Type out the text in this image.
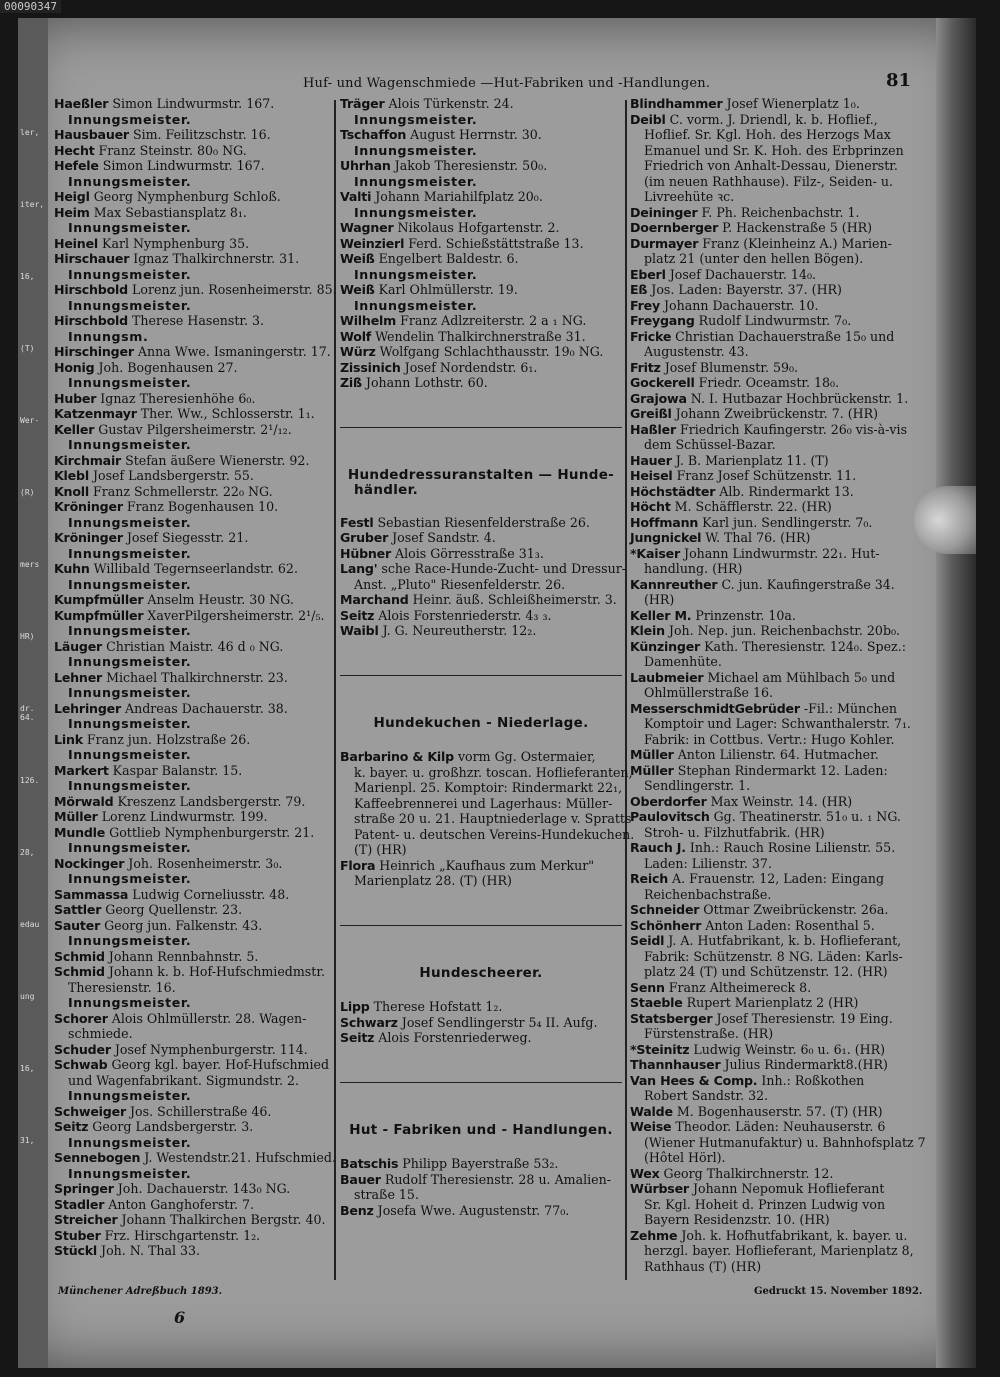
ler,
iter,
16,
(T)
Wer-
(R)
mers
HR)
dr. 64.
126.
28,
edau
ung
16,
31,
Huf- und Wagenschmiede —Hut-Fabriken und -Handlungen.	81
Haeßler Simon Lindwurmstr. 167.
Innungsmeister.
Hausbauer Sim. Feilitzschstr. 16.
Hecht Franz Steinstr. 80₀ NG.
Hefele Simon Lindwurmstr. 167.
Innungsmeister.
Heigl Georg Nymphenburg Schloß.
Heim Max Sebastiansplatz 8₁.
Innungsmeister.
Heinel Karl Nymphenburg 35.
Hirschauer Ignaz Thalkirchnerstr. 31.
Innungsmeister.
Hirschbold Lorenz jun. Rosenheimerstr. 85.
Innungsmeister.
Hirschbold Therese Hasenstr. 3.
Innungsm.
Hirschinger Anna Wwe. Ismaningerstr. 17.
Honig Joh. Bogenhausen 27.
Innungsmeister.
Huber Ignaz Theresienhöhe 6₀.
Katzenmayr Ther. Ww., Schlosserstr. 1₁.
Keller Gustav Pilgersheimerstr. 2¹/₁₂.
Innungsmeister.
Kirchmair Stefan äußere Wienerstr. 92.
Klebl Josef Landsbergerstr. 55.
Knoll Franz Schmellerstr. 22₀ NG.
Kröninger Franz Bogenhausen 10.
Innungsmeister.
Kröninger Josef Siegesstr. 21.
Innungsmeister.
Kuhn Willibald Tegernseerlandstr. 62.
Innungsmeister.
Kumpfmüller Anselm Heustr. 30 NG.
Kumpfmüller XaverPilgersheimerstr. 2¹/₅.
Innungsmeister.
Läuger Christian Maistr. 46 d ₀ NG.
Innungsmeister.
Lehner Michael Thalkirchnerstr. 23.
Innungsmeister.
Lehringer Andreas Dachauerstr. 38.
Innungsmeister.
Link Franz jun. Holzstraße 26.
Innungsmeister.
Markert Kaspar Balanstr. 15.
Innungsmeister.
Mörwald Kreszenz Landsbergerstr. 79.
Müller Lorenz Lindwurmstr. 199.
Mundle Gottlieb Nymphenburgerstr. 21.
Innungsmeister.
Nockinger Joh. Rosenheimerstr. 3₀.
Innungsmeister.
Sammassa Ludwig Corneliusstr. 48.
Sattler Georg Quellenstr. 23.
Sauter Georg jun. Falkenstr. 43.
Innungsmeister.
Schmid Johann Rennbahnstr. 5.
Schmid Johann k. b. Hof-Hufschmiedmstr.
Theresienstr. 16.
Innungsmeister.
Schorer Alois Ohlmüllerstr. 28. Wagen-
schmiede.
Schuder Josef Nymphenburgerstr. 114.
Schwab Georg kgl. bayer. Hof-Hufschmied
und Wagenfabrikant. Sigmundstr. 2.
Innungsmeister.
Schweiger Jos. Schillerstraße 46.
Seitz Georg Landsbergerstr. 3.
Innungsmeister.
Sennebogen J. Westendstr.21. Hufschmied.
Innungsmeister.
Springer Joh. Dachauerstr. 143₀ NG.
Stadler Anton Ganghoferstr. 7.
Streicher Johann Thalkirchen Bergstr. 40.
Stuber Frz. Hirschgartenstr. 1₂.
Stückl Joh. N. Thal 33.
Träger Alois Türkenstr. 24.
Innungsmeister.
Tschaffon August Herrnstr. 30.
Innungsmeister.
Uhrhan Jakob Theresienstr. 50₀.
Innungsmeister.
Valti Johann Mariahilfplatz 20₀.
Innungsmeister.
Wagner Nikolaus Hofgartenstr. 2.
Weinzierl Ferd. Schießstättstraße 13.
Weiß Engelbert Baldestr. 6.
Innungsmeister.
Weiß Karl Ohlmüllerstr. 19.
Innungsmeister.
Wilhelm Franz Adlzreiterstr. 2 a ₁ NG.
Wolf Wendelin Thalkirchnerstraße 31.
Würz Wolfgang Schlachthausstr. 19₀ NG.
Zissinich Josef Nordendstr. 6₁.
Ziß Johann Lothstr. 60.
Hundedressuranstalten — Hunde-
händler.
Festl Sebastian Riesenfelderstraße 26.
Gruber Josef Sandstr. 4.
Hübner Alois Görresstraße 31₃.
Lang' sche Race-Hunde-Zucht- und Dressur-
Anst. „Pluto" Riesenfelderstr. 26.
Marchand Heinr. äuß. Schleißheimerstr. 3.
Seitz Alois Forstenriederstr. 4₃ ₃.
Waibl J. G. Neureutherstr. 12₂.
Hundekuchen - Niederlage.
Barbarino & Kilp vorm Gg. Ostermaier,
k. bayer. u. großhzr. toscan. Hoflieferanten,
Marienpl. 25. Komptoir: Rindermarkt 22₁,
Kaffeebrennerei und Lagerhaus: Müller-
straße 20 u. 21. Hauptniederlage v. Spratts
Patent- u. deutschen Vereins-Hundekuchen.
(T) (HR)
Flora Heinrich „Kaufhaus zum Merkur"
Marienplatz 28. (T) (HR)
Hundescheerer.
Lipp Therese Hofstatt 1₂.
Schwarz Josef Sendlingerstr 5₄ II. Aufg.
Seitz Alois Forstenriederweg.
Hut - Fabriken und - Handlungen.
Batschis Philipp Bayerstraße 53₂.
Bauer Rudolf Theresienstr. 28 u. Amalien-
straße 15.
Benz Josefa Wwe. Augustenstr. 77₀.
Blindhammer Josef Wienerplatz 1₀.
Deibl C. vorm. J. Driendl, k. b. Hoflief.,
Hoflief. Sr. Kgl. Hoh. des Herzogs Max
Emanuel und Sr. K. Hoh. des Erbprinzen
Friedrich von Anhalt-Dessau, Dienerstr.
(im neuen Rathhause). Filz-, Seiden- u.
Livreehüte ꝛc.
Deininger F. Ph. Reichenbachstr. 1.
Doernberger P. Hackenstraße 5 (HR)
Durmayer Franz (Kleinheinz A.) Marien-
platz 21 (unter den hellen Bögen).
Eberl Josef Dachauerstr. 14₀.
Eß Jos. Laden: Bayerstr. 37. (HR)
Frey Johann Dachauerstr. 10.
Freygang Rudolf Lindwurmstr. 7₀.
Fricke Christian Dachauerstraße 15₀ und
Augustenstr. 43.
Fritz Josef Blumenstr. 59₀.
Gockerell Friedr. Oceamstr. 18₀.
Grajowa N. I. Hutbazar Hochbrückenstr. 1.
Greißl Johann Zweibrückenstr. 7. (HR)
Haßler Friedrich Kaufingerstr. 26₀ vis-à-vis
dem Schüssel-Bazar.
Hauer J. B. Marienplatz 11. (T)
Heisel Franz Josef Schützenstr. 11.
Höchstädter Alb. Rindermarkt 13.
Höcht M. Schäfflerstr. 22. (HR)
Hoffmann Karl jun. Sendlingerstr. 7₀.
Jungnickel W. Thal 76. (HR)
*Kaiser Johann Lindwurmstr. 22₁. Hut-
handlung. (HR)
Kannreuther C. jun. Kaufingerstraße 34.
(HR)
Keller M. Prinzenstr. 10a.
Klein Joh. Nep. jun. Reichenbachstr. 20b₀.
Künzinger Kath. Theresienstr. 124₀. Spez.:
Damenhüte.
Laubmeier Michael am Mühlbach 5₀ und
Ohlmüllerstraße 16.
MesserschmidtGebrüder -Fil.: München
Komptoir und Lager: Schwanthalerstr. 7₁.
Fabrik: in Cottbus. Vertr.: Hugo Kohler.
Müller Anton Lilienstr. 64. Hutmacher.
Müller Stephan Rindermarkt 12. Laden:
Sendlingerstr. 1.
Oberdorfer Max Weinstr. 14. (HR)
Paulovitsch Gg. Theatinerstr. 51₀ u. ₁ NG.
Stroh- u. Filzhutfabrik. (HR)
Rauch J. Inh.: Rauch Rosine Lilienstr. 55.
Laden: Lilienstr. 37.
Reich A. Frauenstr. 12, Laden: Eingang
Reichenbachstraße.
Schneider Ottmar Zweibrückenstr. 26a.
Schönherr Anton Laden: Rosenthal 5.
Seidl J. A. Hutfabrikant, k. b. Hoflieferant,
Fabrik: Schützenstr. 8 NG. Läden: Karls-
platz 24 (T) und Schützenstr. 12. (HR)
Senn Franz Altheimereck 8.
Staeble Rupert Marienplatz 2 (HR)
Statsberger Josef Theresienstr. 19 Eing.
Fürstenstraße. (HR)
*Steinitz Ludwig Weinstr. 6₀ u. 6₁. (HR)
Thannhauser Julius Rindermarkt8.(HR)
Van Hees & Comp. Inh.: Roßkothen
Robert Sandstr. 32.
Walde M. Bogenhauserstr. 57. (T) (HR)
Weise Theodor. Läden: Neuhauserstr. 6
(Wiener Hutmanufaktur) u. Bahnhofsplatz 7
(Hôtel Hörl).
Wex Georg Thalkirchnerstr. 12.
Würbser Johann Nepomuk Hoflieferant
Sr. Kgl. Hoheit d. Prinzen Ludwig von
Bayern Residenzstr. 10. (HR)
Zehme Joh. k. Hofhutfabrikant, k. bayer. u.
herzgl. bayer. Hoflieferant, Marienplatz 8,
Rathhaus (T) (HR)
Münchener Adreßbuch 1893.
6
Gedruckt 15. November 1892.
00090347
